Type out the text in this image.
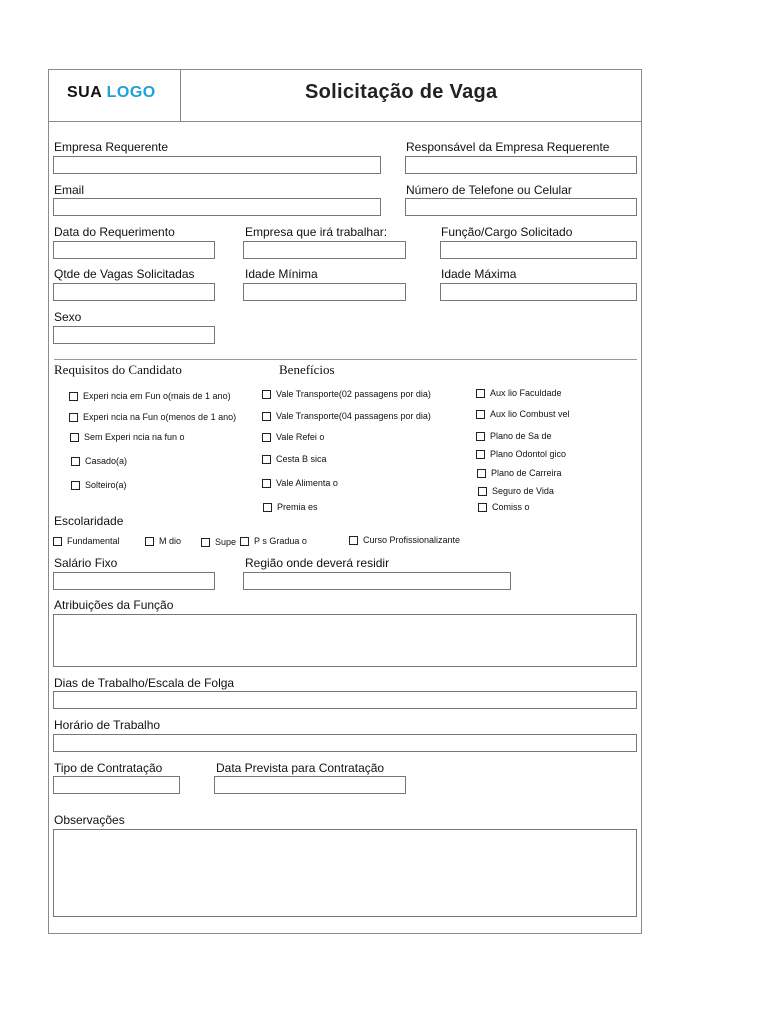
SUA LOGO	Solicitação de Vaga
Empresa Requerente	Responsável da Empresa Requerente
Email	Número de Telefone ou Celular
Data do Requerimento	Empresa que irá trabalhar:	Função/Cargo Solicitado
Qtde de Vagas Solicitadas	Idade Mínima	Idade Máxima
Sexo
Requisitos do Candidato	Benefícios
Experi ncia em Fun o(mais de 1 ano)
Experi ncia na Fun o(menos de 1 ano)
Sem Experi ncia na fun o
Casado(a)
Solteiro(a)
Vale Transporte(02 passagens por dia)
Vale Transporte(04 passagens por dia)
Vale Refei o
Cesta B sica
Vale Alimenta o
Premia es
Aux lio Faculdade
Aux lio Combust vel
Plano de Sa de
Plano Odontol gico
Plano de Carreira
Seguro de Vida
Comiss o
Escolaridade
Fundamental	M dio	Supe P s Gradua o	Curso Profissionalizante
Salário Fixo	Região onde deverá residir
Atribuições da Função
Dias de Trabalho/Escala de Folga
Horário de Trabalho
Tipo de Contratação	Data Prevista para Contratação
Observações
